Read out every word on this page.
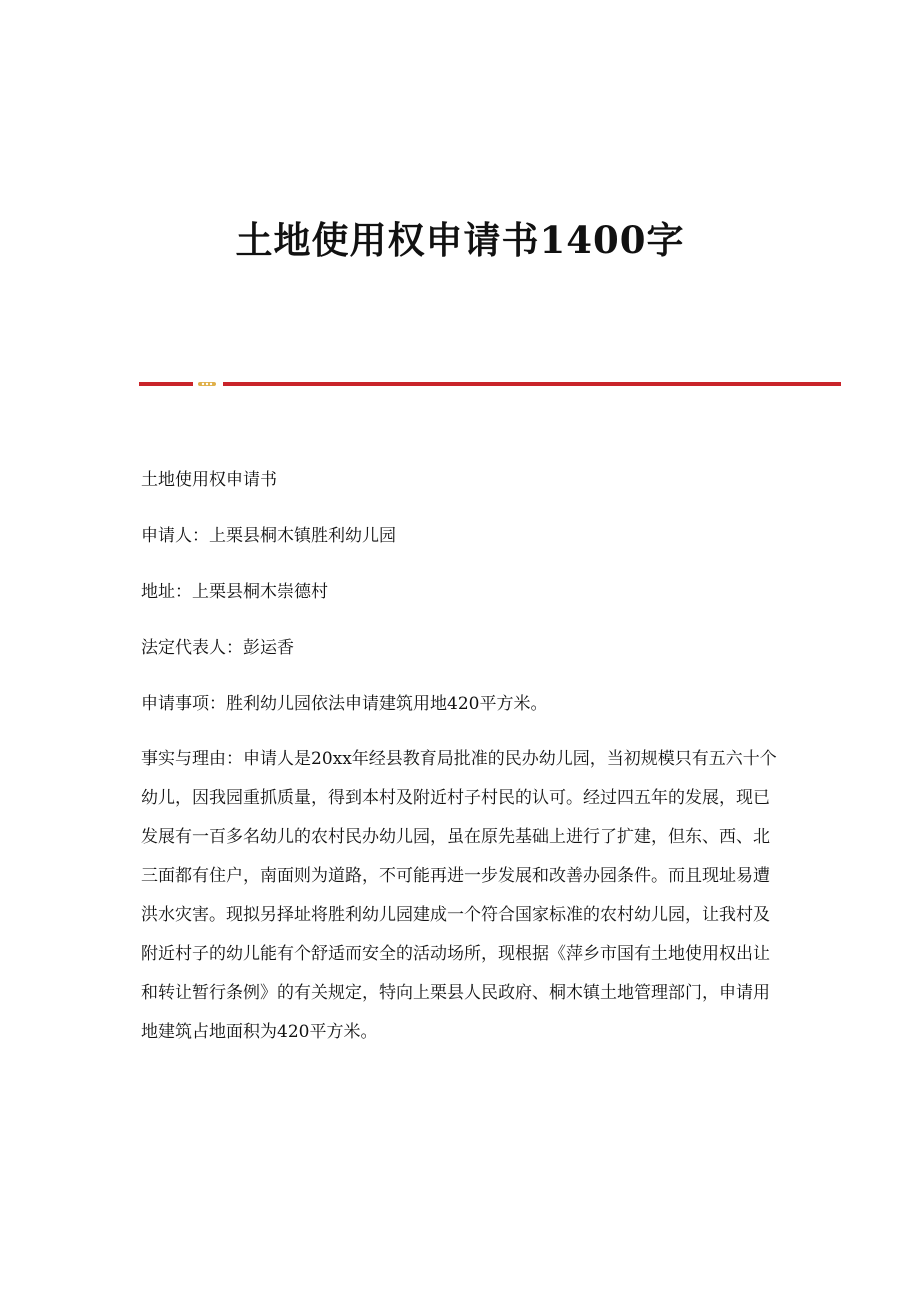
土地使用权申请书1400字

土地使用权申请书

申请人：上栗县桐木镇胜利幼儿园

地址：上栗县桐木崇德村

法定代表人：彭运香

申请事项：胜利幼儿园依法申请建筑用地420平方米。

事实与理由：申请人是20xx年经县教育局批准的民办幼儿园，当初规模只有五六十个幼儿，因我园重抓质量，得到本村及附近村子村民的认可。经过四五年的发展，现已发展有一百多名幼儿的农村民办幼儿园，虽在原先基础上进行了扩建，但东、西、北三面都有住户，南面则为道路，不可能再进一步发展和改善办园条件。而且现址易遭洪水灾害。现拟另择址将胜利幼儿园建成一个符合国家标准的农村幼儿园，让我村及附近村子的幼儿能有个舒适而安全的活动场所，现根据《萍乡市国有土地使用权出让和转让暂行条例》的有关规定，特向上栗县人民政府、桐木镇土地管理部门，申请用地建筑占地面积为420平方米。
